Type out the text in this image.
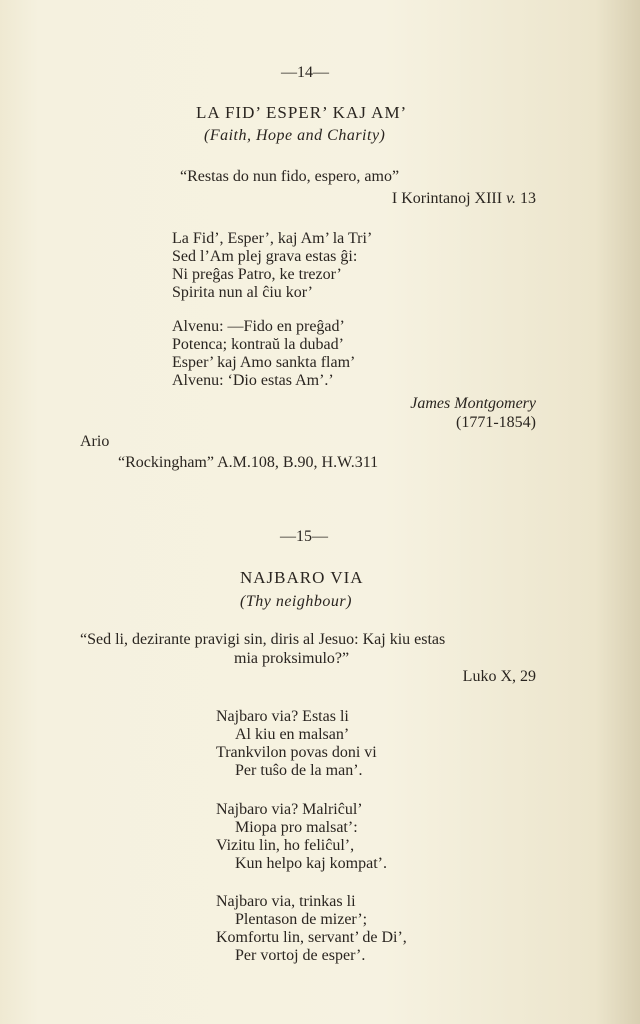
—14—
LA FID’ ESPER’ KAJ AM’
(Faith, Hope and Charity)
“Restas do nun fido, espero, amo”
I Korintanoj XIII v. 13
La Fid’, Esper’, kaj Am’ la Tri’
Sed l’Am plej grava estas ĝi:
Ni preĝas Patro, ke trezor’
Spirita nun al ĉiu kor’
Alvenu: —Fido en preĝad’
Potenca; kontraŭ la dubad’
Esper’ kaj Amo sankta flam’
Alvenu: ‘Dio estas Am’.’
James Montgomery
(1771-1854)
Ario
“Rockingham” A.M.108, B.90, H.W.311
—15—
NAJBARO VIA
(Thy neighbour)
“Sed li, dezirante pravigi sin, diris al Jesuo: Kaj kiu estas
mia proksimulo?”
Luko X, 29
Najbaro via? Estas li
Al kiu en malsan’
Trankvilon povas doni vi
Per tuŝo de la man’.
Najbaro via? Malriĉul’
Miopa pro malsat’:
Vizitu lin, ho feliĉul’,
Kun helpo kaj kompat’.
Najbaro via, trinkas li
Plentason de mizer’;
Komfortu lin, servant’ de Di’,
Per vortoj de esper’.
